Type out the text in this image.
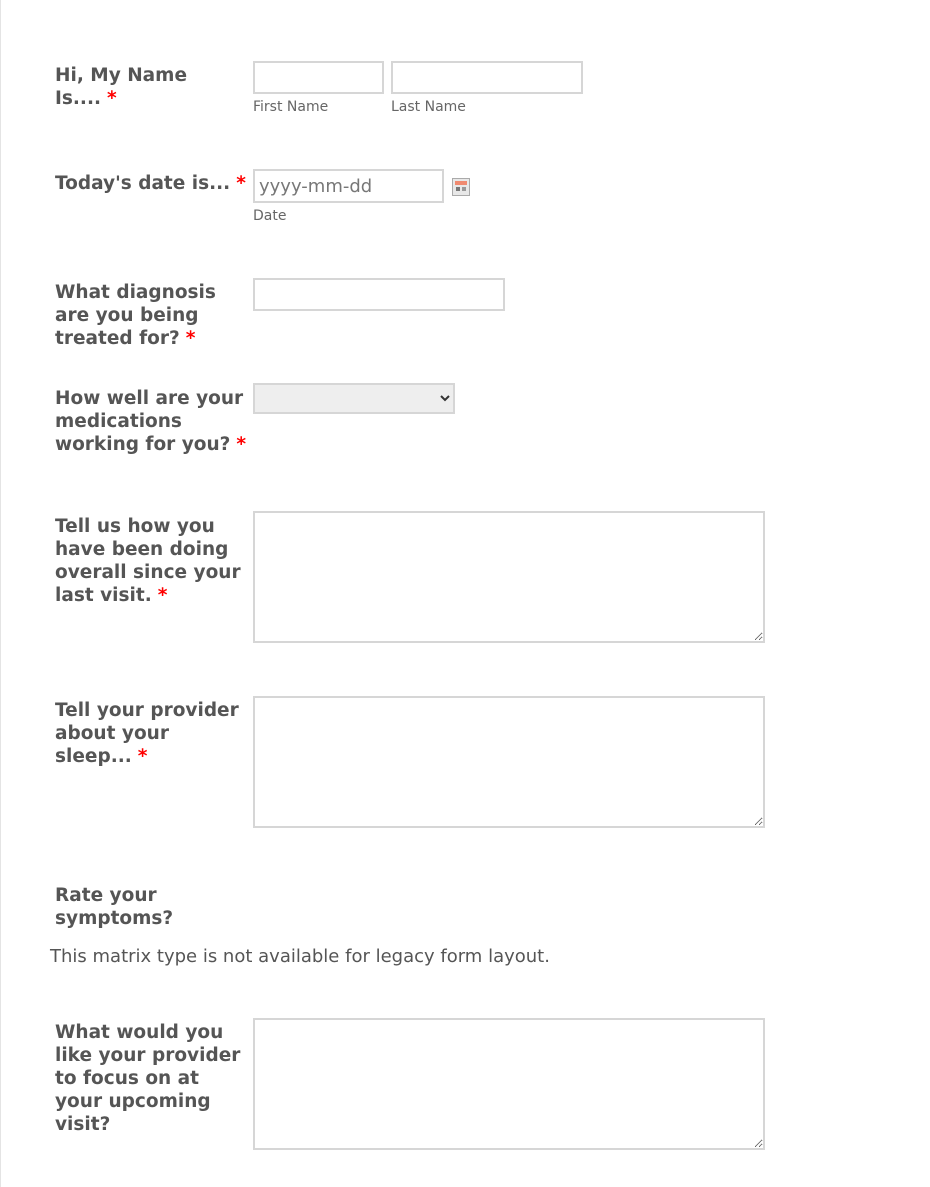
Hi, My Name Is.... *	First Name	Last Name
Today's date is... *
yyyy-mm-dd
Date
What diagnosis are you being treated for? *
How well are your medications working for you? *
Tell us how you have been doing overall since your last visit. *
Tell your provider about your sleep... *
Rate your symptoms?
This matrix type is not available for legacy form layout.
What would you like your provider to focus on at your upcoming visit?
